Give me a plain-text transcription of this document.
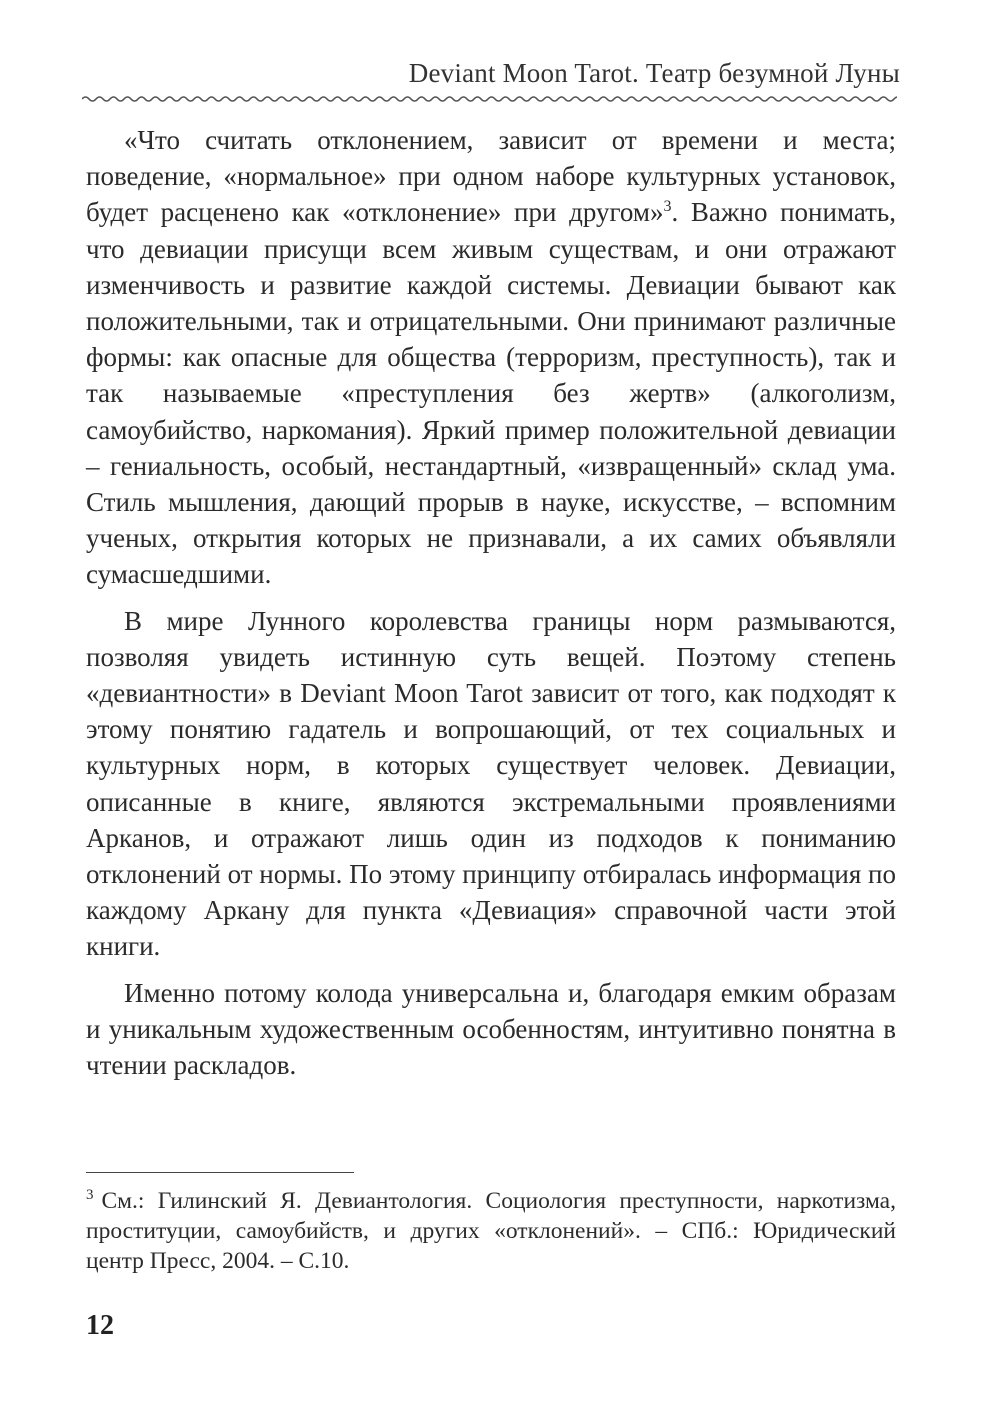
Deviant Moon Tarot. Театр безумной Луны

«Что считать отклонением, зависит от времени и места; поведение, «нормальное» при одном наборе культурных установок, будет расценено как «отклонение» при другом»$^3$. Важно понимать, что девиации присущи всем живым существам, и они отражают изменчивость и развитие каждой системы. Девиации бывают как положительными, так и отрицательными. Они принимают различные формы: как опасные для общества (терроризм, преступность), так и так называемые «преступления без жертв» (алкоголизм, самоубийство, наркомания). Яркий пример положительной девиации – гениальность, особый, нестандартный, «извращенный» склад ума. Стиль мышления, дающий прорыв в науке, искусстве, – вспомним ученых, открытия которых не признавали, а их самих объявляли сумасшедшими.

В мире Лунного королевства границы норм размываются, позволяя увидеть истинную суть вещей. Поэтому степень «девиантности» в Deviant Moon Tarot зависит от того, как подходят к этому понятию гадатель и вопрошающий, от тех социальных и культурных норм, в которых существует человек. Девиации, описанные в книге, являются экстремальными проявлениями Арканов, и отражают лишь один из подходов к пониманию отклонений от нормы. По этому принципу отбиралась информация по каждому Аркану для пункта «Девиация» справочной части этой книги.

Именно потому колода универсальна и, благодаря емким образам и уникальным художественным особенностям, интуитивно понятна в чтении раскладов.

$^3$ См.: Гилинский Я. Девиантология. Социология преступности, наркотизма, проституции, самоубийств, и других «отклонений». – СПб.: Юридический центр Пресс, 2004. – С.10.
12
